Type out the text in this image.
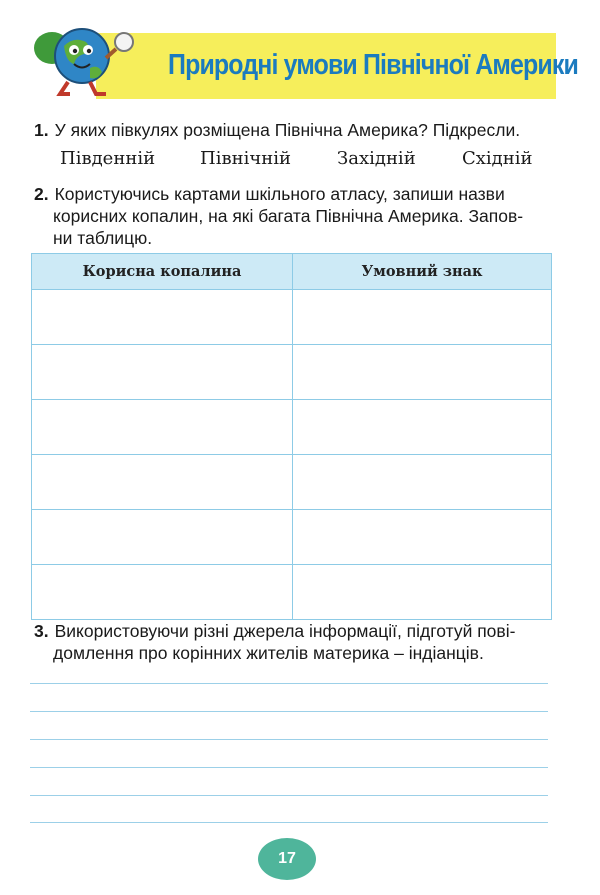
Природні умови Північної Америки
1. У яких півкулях розміщена Північна Америка? Підкресли.
Південній Північній	Західній	Східній
2. Користуючись картами шкільного атласу, запиши назви
корисних копалин, на які багата Північна Америка. Запов-
ни таблицю.
Корисна копалина	Умовний знак

3. Використовуючи різні джерела інформації, підготуй пові-
домлення про корінних жителів материка – індіанців.
17
